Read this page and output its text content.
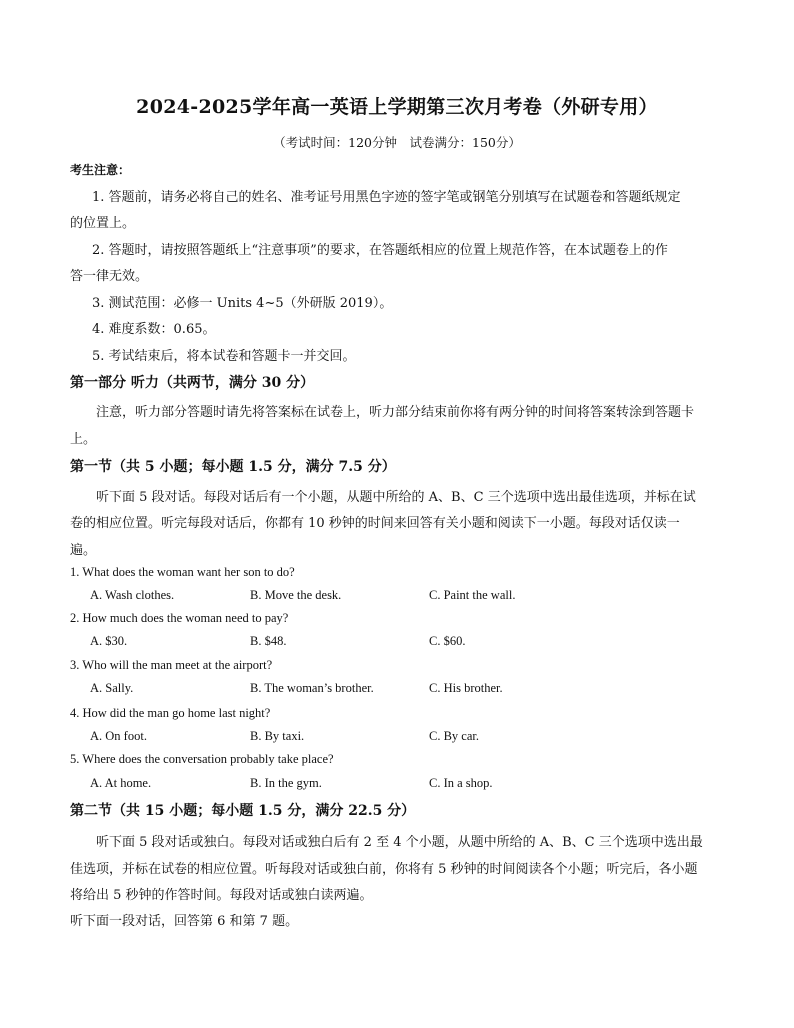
2024-2025学年高一英语上学期第三次月考卷（外研专用）
（考试时间：120分钟　试卷满分：150分）
考生注意：
1. 答题前，请务必将自己的姓名、准考证号用黑色字迹的签字笔或钢笔分别填写在试题卷和答题纸规定
的位置上。
2. 答题时，请按照答题纸上“注意事项”的要求，在答题纸相应的位置上规范作答，在本试题卷上的作
答一律无效。
3. 测试范围：必修一 Units 4~5（外研版 2019）。
4. 难度系数：0.65。
5. 考试结束后，将本试卷和答题卡一并交回。
第一部分 听力（共两节，满分 30 分）
注意，听力部分答题时请先将答案标在试卷上，听力部分结束前你将有两分钟的时间将答案转涂到答题卡
上。
第一节（共 5 小题；每小题 1.5 分，满分 7.5 分）
听下面 5 段对话。每段对话后有一个小题，从题中所给的 A、B、C 三个选项中选出最佳选项，并标在试
卷的相应位置。听完每段对话后，你都有 10 秒钟的时间来回答有关小题和阅读下一小题。每段对话仅读一
遍。
1. What does the woman want her son to do?
A. Wash clothes.	B. Move the desk.	C. Paint the wall.
2. How much does the woman need to pay?
A. $30.	B. $48.	C. $60.
3. Who will the man meet at the airport?
A. Sally.	B. The woman’s brother.	C. His brother.
4. How did the man go home last night?
A. On foot.	B. By taxi.	C. By car.
5. Where does the conversation probably take place?
A. At home.	B. In the gym.	C. In a shop.
第二节（共 15 小题；每小题 1.5 分，满分 22.5 分）
听下面 5 段对话或独白。每段对话或独白后有 2 至 4 个小题，从题中所给的 A、B、C 三个选项中选出最
佳选项，并标在试卷的相应位置。听每段对话或独白前，你将有 5 秒钟的时间阅读各个小题；听完后，各小题
将给出 5 秒钟的作答时间。每段对话或独白读两遍。
听下面一段对话，回答第 6 和第 7 题。
